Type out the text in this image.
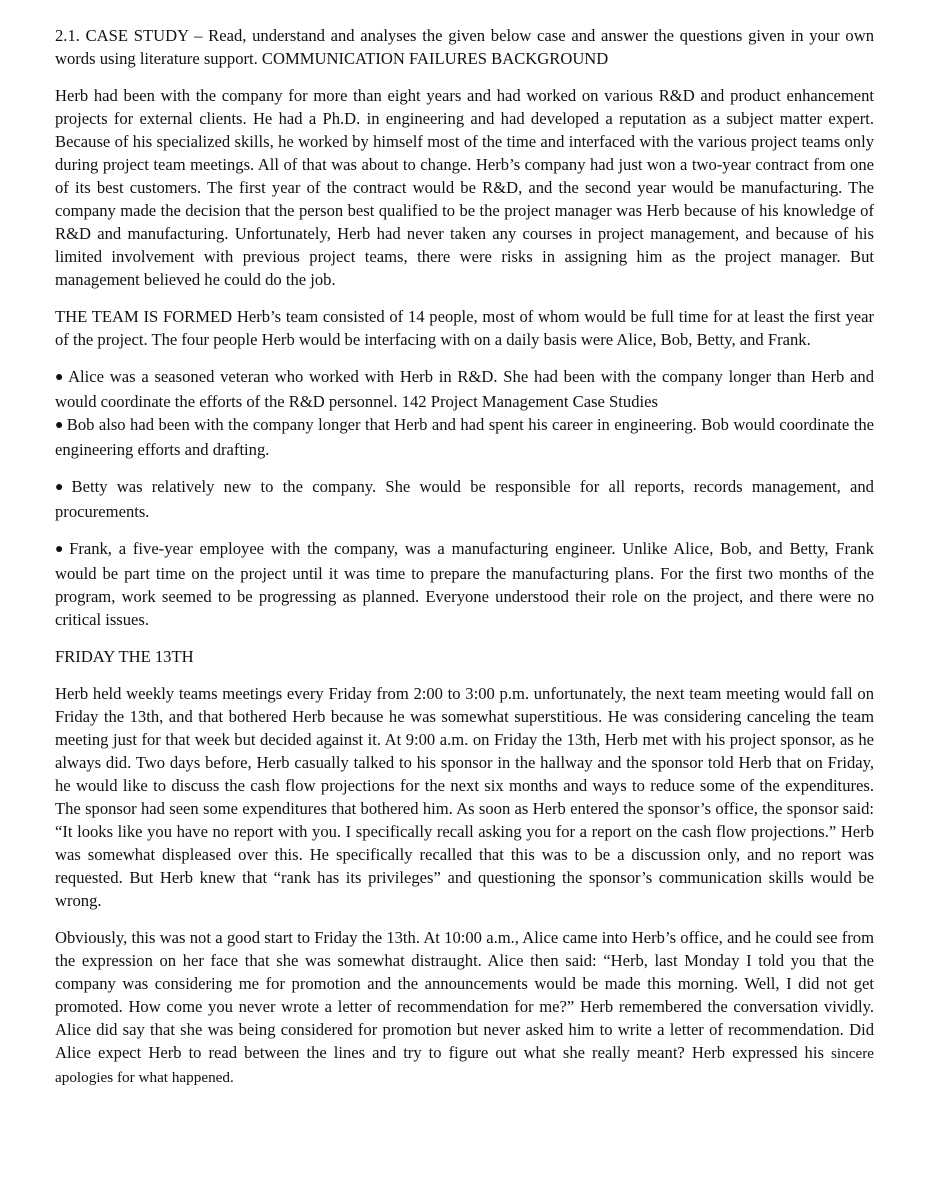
2.1. CASE STUDY – Read, understand and analyses the given below case and answer the questions given in your own words using literature support. COMMUNICATION FAILURES BACKGROUND

Herb had been with the company for more than eight years and had worked on various R&D and product enhancement projects for external clients. He had a Ph.D. in engineering and had developed a reputation as a subject matter expert. Because of his specialized skills, he worked by himself most of the time and interfaced with the various project teams only during project team meetings. All of that was about to change. Herb’s company had just won a two-year contract from one of its best customers. The first year of the contract would be R&D, and the second year would be manufacturing. The company made the decision that the person best qualified to be the project manager was Herb because of his knowledge of R&D and manufacturing. Unfortunately, Herb had never taken any courses in project management, and because of his limited involvement with previous project teams, there were risks in assigning him as the project manager. But management believed he could do the job.

THE TEAM IS FORMED Herb’s team consisted of 14 people, most of whom would be full time for at least the first year of the project. The four people Herb would be interfacing with on a daily basis were Alice, Bob, Betty, and Frank.

● Alice was a seasoned veteran who worked with Herb in R&D. She had been with the company longer than Herb and would coordinate the efforts of the R&D personnel. 142 Project Management Case Studies
● Bob also had been with the company longer that Herb and had spent his career in engineering. Bob would coordinate the engineering efforts and drafting.

● Betty was relatively new to the company. She would be responsible for all reports, records management, and procurements.

● Frank, a five-year employee with the company, was a manufacturing engineer. Unlike Alice, Bob, and Betty, Frank would be part time on the project until it was time to prepare the manufacturing plans. For the first two months of the program, work seemed to be progressing as planned. Everyone understood their role on the project, and there were no critical issues.

FRIDAY THE 13TH

Herb held weekly teams meetings every Friday from 2:00 to 3:00 p.m. unfortunately, the next team meeting would fall on Friday the 13th, and that bothered Herb because he was somewhat superstitious. He was considering canceling the team meeting just for that week but decided against it. At 9:00 a.m. on Friday the 13th, Herb met with his project sponsor, as he always did. Two days before, Herb casually talked to his sponsor in the hallway and the sponsor told Herb that on Friday, he would like to discuss the cash flow projections for the next six months and ways to reduce some of the expenditures. The sponsor had seen some expenditures that bothered him. As soon as Herb entered the sponsor’s office, the sponsor said: “It looks like you have no report with you. I specifically recall asking you for a report on the cash flow projections.” Herb was somewhat displeased over this. He specifically recalled that this was to be a discussion only, and no report was requested. But Herb knew that “rank has its privileges” and questioning the sponsor’s communication skills would be wrong.

Obviously, this was not a good start to Friday the 13th. At 10:00 a.m., Alice came into Herb’s office, and he could see from the expression on her face that she was somewhat distraught. Alice then said: “Herb, last Monday I told you that the company was considering me for promotion and the announcements would be made this morning. Well, I did not get promoted. How come you never wrote a letter of recommendation for me?” Herb remembered the conversation vividly. Alice did say that she was being considered for promotion but never asked him to write a letter of recommendation. Did Alice expect Herb to read between the lines and try to figure out what she really meant? Herb expressed his sincere apologies for what happened.
